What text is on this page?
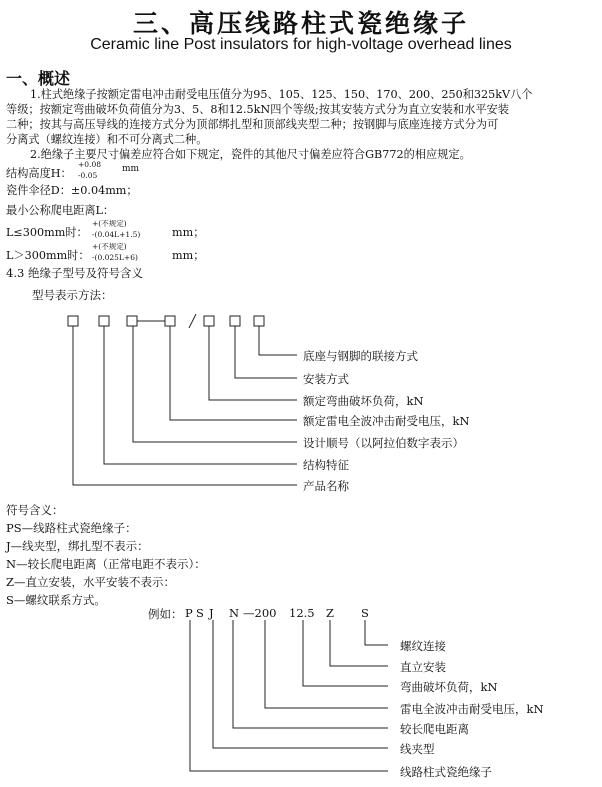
三、高压线路柱式瓷绝缘子
Ceramic line Post insulators for high-voltage overhead lines
一、概述
1.柱式绝缘子按额定雷电冲击耐受电压值分为95、105、125、150、170、200、250和325kV八个
等级；按额定弯曲破坏负荷值分为3、5、8和12.5kN四个等级;按其安装方式分为直立安装和水平安装
二种；按其与高压导线的连接方式分为顶部绑扎型和顶部线夹型二种；按钢脚与底座连接方式分为可
分离式（螺纹连接）和不可分离式二种。
2.绝缘子主要尺寸偏差应符合如下规定，瓷件的其他尺寸偏差应符合GB772的相应规定。
结构高度H：
+0.08
-0.05
mm
瓷件伞径D：±0.04mm；
最小公称爬电距离L：
L≤300mm时：
+(不规定)
-(0.04L+1.5)	mm；
L＞300mm时：
+(不规定)
-(0.025L+6)	mm；
4.3 绝缘子型号及符号含义
型号表示方法：
底座与钢脚的联接方式
安装方式
额定弯曲破坏负荷，kN
额定雷电全波冲击耐受电压，kN
设计顺号（以阿拉伯数字表示）
结构特征
产品名称
符号含义：
PS—线路柱式瓷绝缘子：
J—线夹型，绑扎型不表示：
N—较长爬电距离（正常电距不表示）：
Z—直立安装，水平安装不表示：
S—螺纹联系方式。
例如： P S J N —200 12.5 Z S
螺纹连接
直立安装
弯曲破坏负荷，kN
雷电全波冲击耐受电压，kN
较长爬电距离
线夹型
线路柱式瓷绝缘子
